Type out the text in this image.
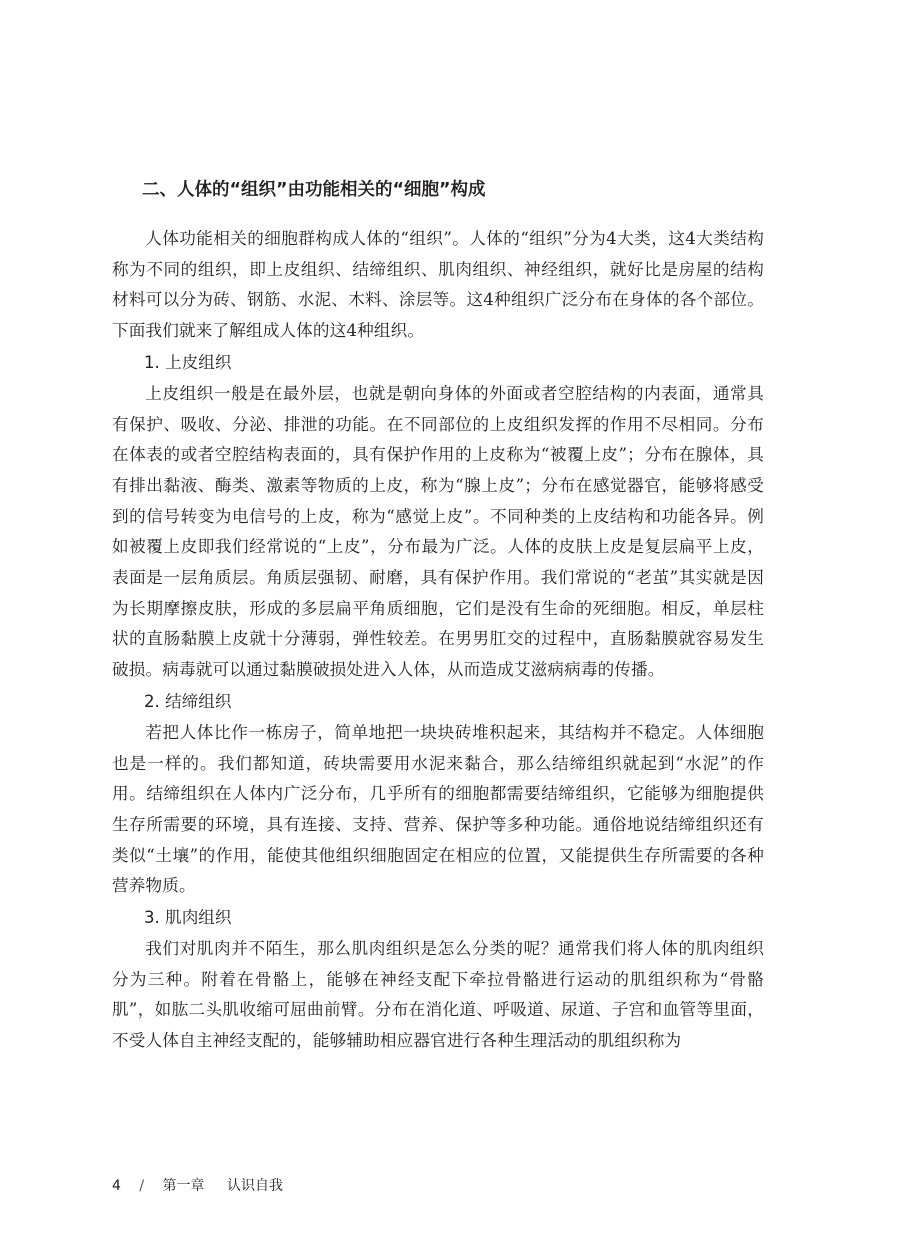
二、人体的“组织”由功能相关的“细胞”构成

人体功能相关的细胞群构成人体的“组织”。人体的“组织”分为4大类，这4大类结构称为不同的组织，即上皮组织、结缔组织、肌肉组织、神经组织，就好比是房屋的结构材料可以分为砖、钢筋、水泥、木料、涂层等。这4种组织广泛分布在身体的各个部位。下面我们就来了解组成人体的这4种组织。

1. 上皮组织

上皮组织一般是在最外层，也就是朝向身体的外面或者空腔结构的内表面，通常具有保护、吸收、分泌、排泄的功能。在不同部位的上皮组织发挥的作用不尽相同。分布在体表的或者空腔结构表面的，具有保护作用的上皮称为“被覆上皮”；分布在腺体，具有排出黏液、酶类、激素等物质的上皮，称为“腺上皮”；分布在感觉器官，能够将感受到的信号转变为电信号的上皮，称为“感觉上皮”。不同种类的上皮结构和功能各异。例如被覆上皮即我们经常说的“上皮”，分布最为广泛。人体的皮肤上皮是复层扁平上皮，表面是一层角质层。角质层强韧、耐磨，具有保护作用。我们常说的“老茧”其实就是因为长期摩擦皮肤，形成的多层扁平角质细胞，它们是没有生命的死细胞。相反，单层柱状的直肠黏膜上皮就十分薄弱，弹性较差。在男男肛交的过程中，直肠黏膜就容易发生破损。病毒就可以通过黏膜破损处进入人体，从而造成艾滋病病毒的传播。

2. 结缔组织

若把人体比作一栋房子，简单地把一块块砖堆积起来，其结构并不稳定。人体细胞也是一样的。我们都知道，砖块需要用水泥来黏合，那么结缔组织就起到“水泥”的作用。结缔组织在人体内广泛分布，几乎所有的细胞都需要结缔组织，它能够为细胞提供生存所需要的环境，具有连接、支持、营养、保护等多种功能。通俗地说结缔组织还有类似“土壤”的作用，能使其他组织细胞固定在相应的位置，又能提供生存所需要的各种营养物质。

3. 肌肉组织

我们对肌肉并不陌生，那么肌肉组织是怎么分类的呢？通常我们将人体的肌肉组织分为三种。附着在骨骼上，能够在神经支配下牵拉骨骼进行运动的肌组织称为“骨骼肌”，如肱二头肌收缩可屈曲前臂。分布在消化道、呼吸道、尿道、子宫和血管等里面，不受人体自主神经支配的，能够辅助相应器官进行各种生理活动的肌组织称为

4 / 第一章 认识自我
